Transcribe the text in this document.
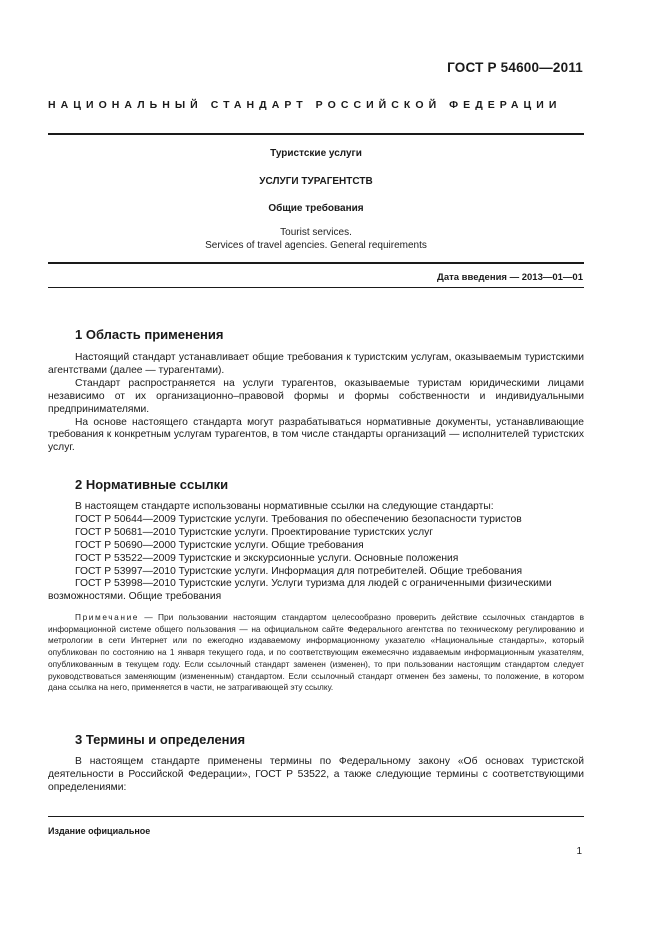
ГОСТ Р 54600—2011
НАЦИОНАЛЬНЫЙ СТАНДАРТ РОССИЙСКОЙ ФЕДЕРАЦИИ
Туристские услуги
УСЛУГИ ТУРАГЕНТСТВ
Общие требования
Tourist services.
Services of travel agencies. General requirements
Дата введения — 2013—01—01
1 Область применения

Настоящий стандарт устанавливает общие требования к туристским услугам, оказываемым туристскими агентствами (далее — турагентами).

Стандарт распространяется на услуги турагентов, оказываемые туристам юридическими лицами независимо от их организационно–правовой формы и формы собственности и индивидуальными предпринимателями.

На основе настоящего стандарта могут разрабатываться нормативные документы, устанавливающие требования к конкретным услугам турагентов, в том числе стандарты организаций — исполнителей туристских услуг.

2 Нормативные ссылки
В настоящем стандарте использованы нормативные ссылки на следующие стандарты:
ГОСТ Р 50644—2009 Туристские услуги. Требования по обеспечению безопасности туристов
ГОСТ Р 50681—2010 Туристские услуги. Проектирование туристских услуг
ГОСТ Р 50690—2000 Туристские услуги. Общие требования
ГОСТ Р 53522—2009 Туристские и экскурсионные услуги. Основные положения
ГОСТ Р 53997—2010 Туристские услуги. Информация для потребителей. Общие требования
ГОСТ Р 53998—2010 Туристские услуги. Услуги туризма для людей с ограниченными физическими возможностями. Общие требования

Примечание — При пользовании настоящим стандартом целесообразно проверить действие ссылочных стандартов в информационной системе общего пользования — на официальном сайте Федерального агентства по техническому регулированию и метрологии в сети Интернет или по ежегодно издаваемому информационному указателю «Национальные стандарты», который опубликован по состоянию на 1 января текущего года, и по соответствующим ежемесячно издаваемым информационным указателям, опубликованным в текущем году. Если ссылочный стандарт заменен (изменен), то при пользовании настоящим стандартом следует руководствоваться заменяющим (измененным) стандартом. Если ссылочный стандарт отменен без замены, то положение, в котором дана ссылка на него, применяется в части, не затрагивающей эту ссылку.

3 Термины и определения

В настоящем стандарте применены термины по Федеральному закону «Об основах туристской деятельности в Российской Федерации», ГОСТ Р 53522, а также следующие термины с соответствующими определениями:

Издание официальное
1
